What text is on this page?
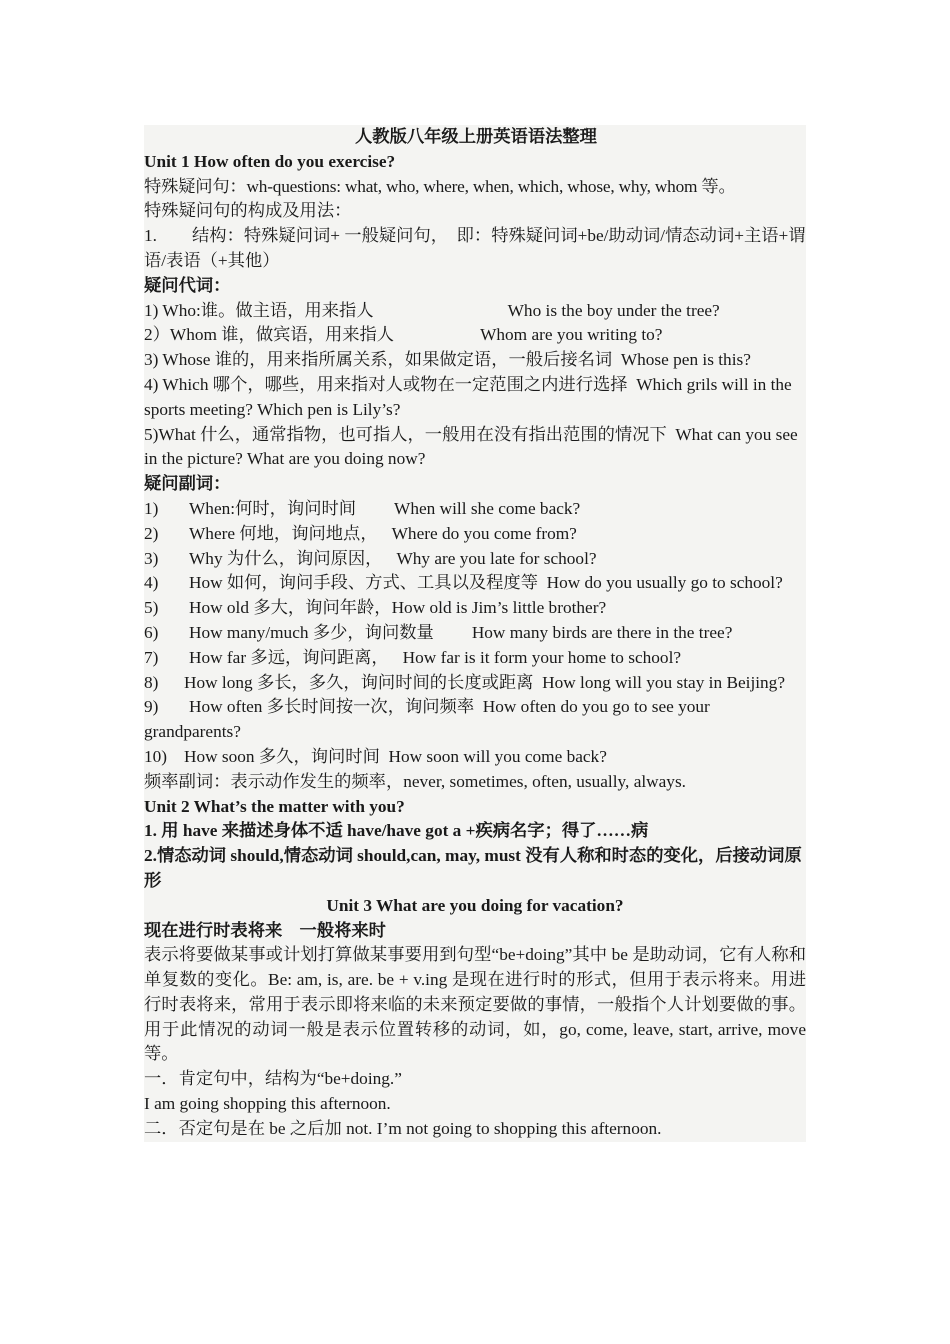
人教版八年级上册英语语法整理
Unit 1 How often do you exercise?
特殊疑问句：wh-questions: what, who, where, when, which, whose, why, whom 等。
特殊疑问句的构成及用法：
1. 结构：特殊疑问词+ 一般疑问句，　即：特殊疑问词+be/助动词/情态动词+主语+谓语/表语（+其他）
疑问代词：
1) Who:谁。做主语，用来指人	Who is the boy under the tree?
2）Whom 谁，做宾语，用来指人	Whom are you writing to?
3) Whose 谁的，用来指所属关系，如果做定语，一般后接名词 Whose pen is this?
4) Which 哪个，哪些，用来指对人或物在一定范围之内进行选择 Which grils will in the sports meeting? Which pen is Lily’s?
5)What 什么，通常指物，也可指人，一般用在没有指出范围的情况下 What can you see in the picture? What are you doing now?
疑问副词：
1) When:何时，询问时间 When will she come back?
2) Where 何地，询问地点， Where do you come from?
3) Why 为什么，询问原因， Why are you late for school?
4) How 如何，询问手段、方式、工具以及程度等 How do you usually go to school?
5) How old 多大，询问年龄，How old is Jim’s little brother?
6) How many/much 多少，询问数量 How many birds are there in the tree?
7) How far 多远，询问距离， How far is it form your home to school?
8) How long 多长，多久，询问时间的长度或距离 How long will you stay in Beijing?
9) How often 多长时间按一次，询问频率 How often do you go to see your grandparents?
10) How soon 多久，询问时间 How soon will you come back?
频率副词：表示动作发生的频率，never, sometimes, often, usually, always.
Unit 2 What’s the matter with you?
1. 用 have 来描述身体不适 have/have got a +疾病名字；得了……病
2.情态动词 should,情态动词 should,can, may, must 没有人称和时态的变化，后接动词原形
Unit 3 What are you doing for vacation?
现在进行时表将来　一般将来时
表示将要做某事或计划打算做某事要用到句型“be+doing”其中 be 是助动词，它有人称和单复数的变化。Be: am, is, are. be + v.ing 是现在进行时的形式，但用于表示将来。用进行时表将来，常用于表示即将来临的未来预定要做的事情，一般指个人计划要做的事。用于此情况的动词一般是表示位置转移的动词，如，go, come, leave, start, arrive, move 等。
一．肯定句中，结构为“be+doing.”
I am going shopping this afternoon.
二．否定句是在 be 之后加 not. I’m not going to shopping this afternoon.
